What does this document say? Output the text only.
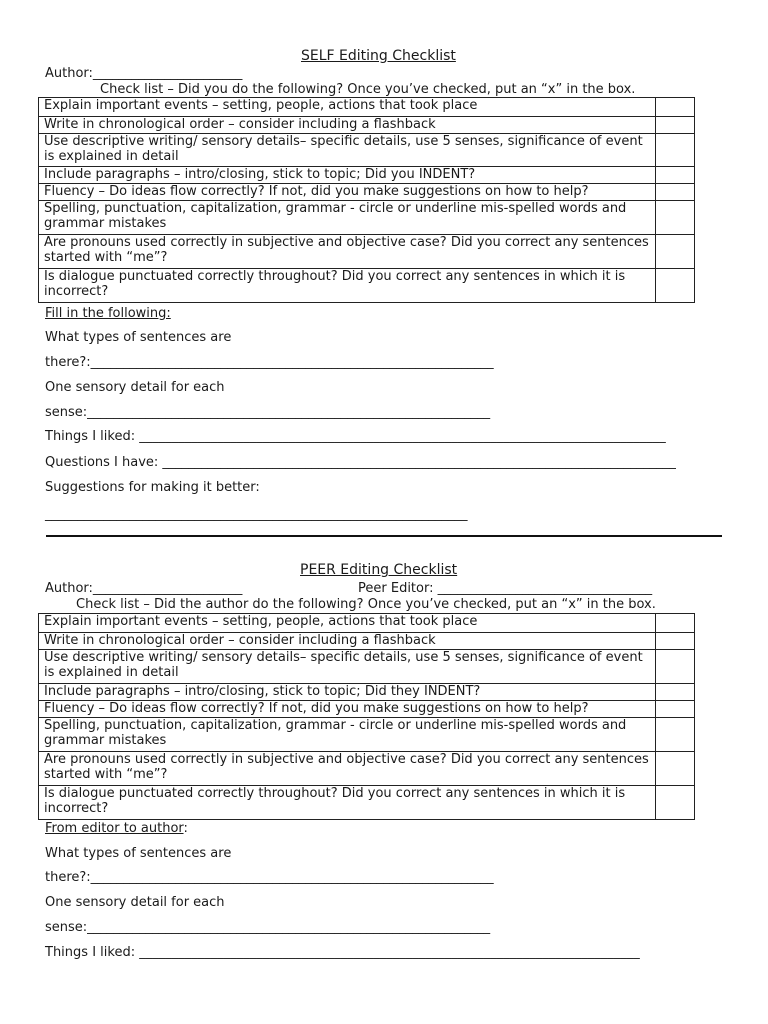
SELF Editing Checklist
Author:_______________________
Check list – Did you do the following? Once you’ve checked, put an “x” in the box.
Explain important events – setting, people, actions that took place	
Write in chronological order – consider including a flashback	
Use descriptive writing/ sensory details– specific details, use 5 senses, significance of event is explained in detail	
Include paragraphs – intro/closing, stick to topic; Did you INDENT?	
Fluency – Do ideas flow correctly? If not, did you make suggestions on how to help?	
Spelling, punctuation, capitalization, grammar - circle or underline mis-spelled words and grammar mistakes	
Are pronouns used correctly in subjective and objective case? Did you correct any sentences started with “me”?	
Is dialogue punctuated correctly throughout? Did you correct any sentences in which it is incorrect?	
Fill in the following:
What types of sentences are
there?:______________________________________________________________
One sensory detail for each
sense:______________________________________________________________
Things I liked: _________________________________________________________________________________
Questions I have: _______________________________________________________________________________
Suggestions for making it better:
_________________________________________________________________
PEER Editing Checklist
Author:_______________________	Peer Editor: _________________________________
Check list – Did the author do the following? Once you’ve checked, put an “x” in the box.
Explain important events – setting, people, actions that took place	
Write in chronological order – consider including a flashback	
Use descriptive writing/ sensory details– specific details, use 5 senses, significance of event is explained in detail	
Include paragraphs – intro/closing, stick to topic; Did they INDENT?	
Fluency – Do ideas flow correctly? If not, did you make suggestions on how to help?	
Spelling, punctuation, capitalization, grammar - circle or underline mis-spelled words and grammar mistakes	
Are pronouns used correctly in subjective and objective case? Did you correct any sentences started with “me”?	
Is dialogue punctuated correctly throughout? Did you correct any sentences in which it is incorrect?	
From editor to author:
What types of sentences are
there?:______________________________________________________________
One sensory detail for each
sense:______________________________________________________________
Things I liked: _____________________________________________________________________________
